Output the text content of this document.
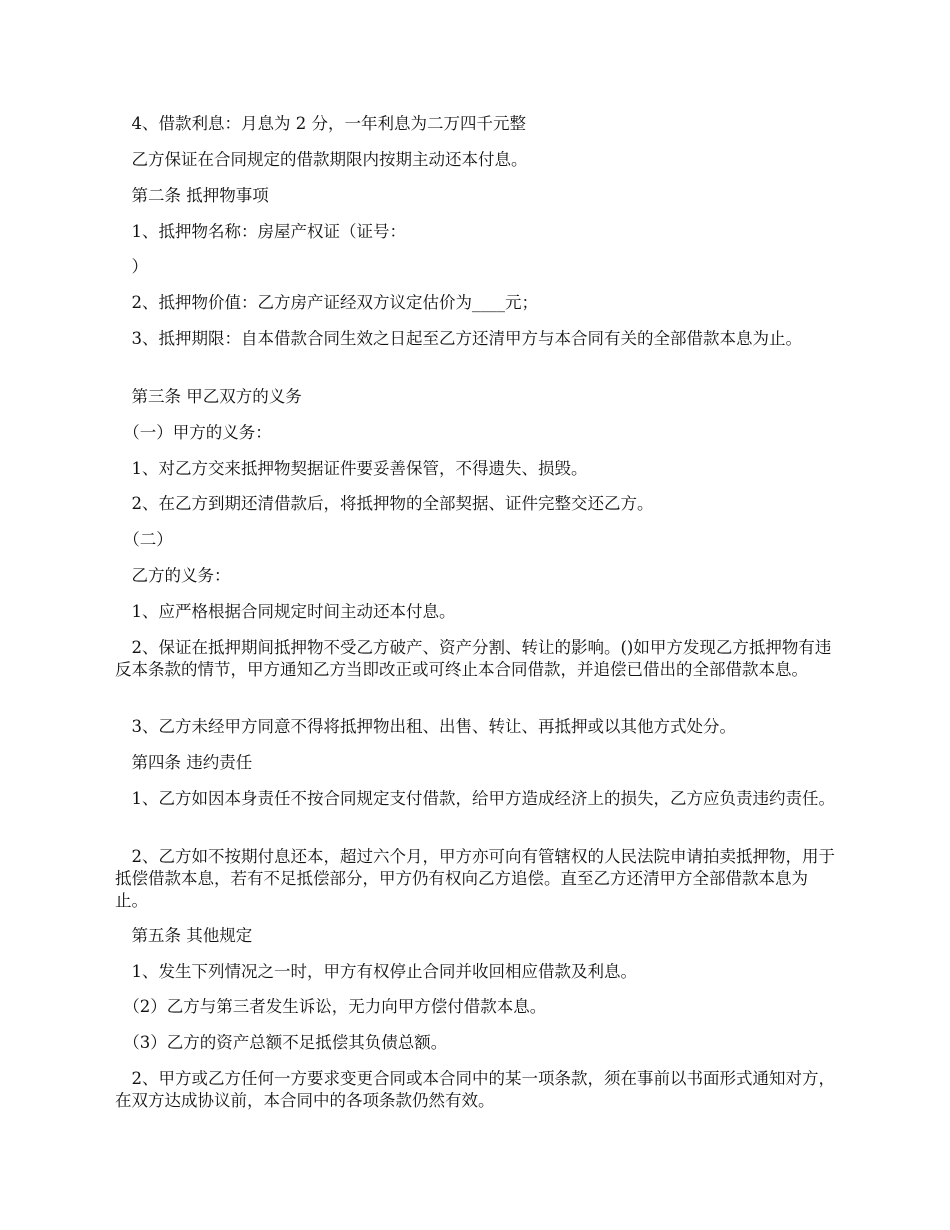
　4、借款利息：月息为 2 分，一年利息为二万四千元整
　乙方保证在合同规定的借款期限内按期主动还本付息。
　第二条 抵押物事项
　1、抵押物名称：房屋产权证（证号：
　）
　2、抵押物价值：乙方房产证经双方议定估价为____元；
　3、抵押期限：自本借款合同生效之日起至乙方还清甲方与本合同有关的全部借款本息为止。
　第三条 甲乙双方的义务
　（一）甲方的义务：
　1、对乙方交来抵押物契据证件要妥善保管，不得遗失、损毁。
　2、在乙方到期还清借款后，将抵押物的全部契据、证件完整交还乙方。
　（二）
　乙方的义务：
　1、应严格根据合同规定时间主动还本付息。
　2、保证在抵押期间抵押物不受乙方破产、资产分割、转让的影响。()如甲方发现乙方抵押物有违反本条款的情节，甲方通知乙方当即改正或可终止本合同借款，并追偿已借出的全部借款本息。
　3、乙方未经甲方同意不得将抵押物出租、出售、转让、再抵押或以其他方式处分。
　第四条 违约责任
　1、乙方如因本身责任不按合同规定支付借款，给甲方造成经济上的损失，乙方应负责违约责任。
　2、乙方如不按期付息还本，超过六个月，甲方亦可向有管辖权的人民法院申请拍卖抵押物，用于抵偿借款本息，若有不足抵偿部分，甲方仍有权向乙方追偿。直至乙方还清甲方全部借款本息为止。
　第五条 其他规定
　1、发生下列情况之一时，甲方有权停止合同并收回相应借款及利息。
　（2）乙方与第三者发生诉讼，无力向甲方偿付借款本息。
　（3）乙方的资产总额不足抵偿其负债总额。
　2、甲方或乙方任何一方要求变更合同或本合同中的某一项条款，须在事前以书面形式通知对方，在双方达成协议前，本合同中的各项条款仍然有效。
